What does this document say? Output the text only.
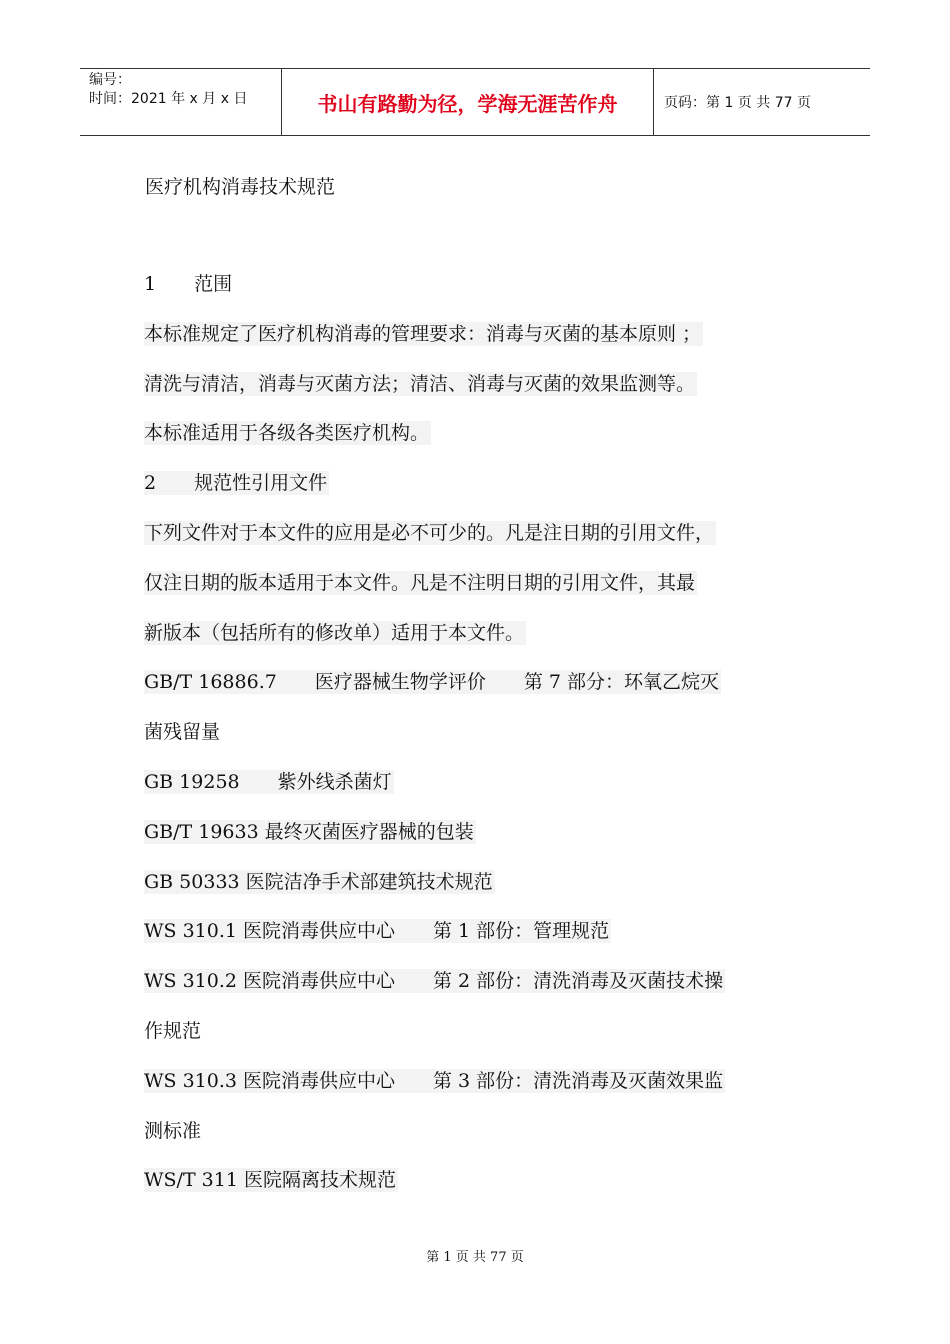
编号：
时间：2021 年 x 月 x 日	书山有路勤为径，学海无涯苦作舟	页码：第 1 页 共 77 页
医疗机构消毒技术规范
1　　范围
本标准规定了医疗机构消毒的管理要求：消毒与灭菌的基本原则 ；
清洗与清洁，消毒与灭菌方法；清洁、消毒与灭菌的效果监测等。
本标准适用于各级各类医疗机构。
2　　规范性引用文件
下列文件对于本文件的应用是必不可少的。凡是注日期的引用文件，
仅注日期的版本适用于本文件。凡是不注明日期的引用文件，其最
新版本（包括所有的修改单）适用于本文件。
GB/T 16886.7　　医疗器械生物学评价　　第 7 部分：环氧乙烷灭
菌残留量
GB 19258　　紫外线杀菌灯
GB/T 19633 最终灭菌医疗器械的包装
GB 50333 医院洁净手术部建筑技术规范
WS 310.1 医院消毒供应中心　　第 1 部份：管理规范
WS 310.2 医院消毒供应中心　　第 2 部份：清洗消毒及灭菌技术操
作规范
WS 310.3 医院消毒供应中心　　第 3 部份：清洗消毒及灭菌效果监
测标准
WS/T 311 医院隔离技术规范
第 1 页 共 77 页
